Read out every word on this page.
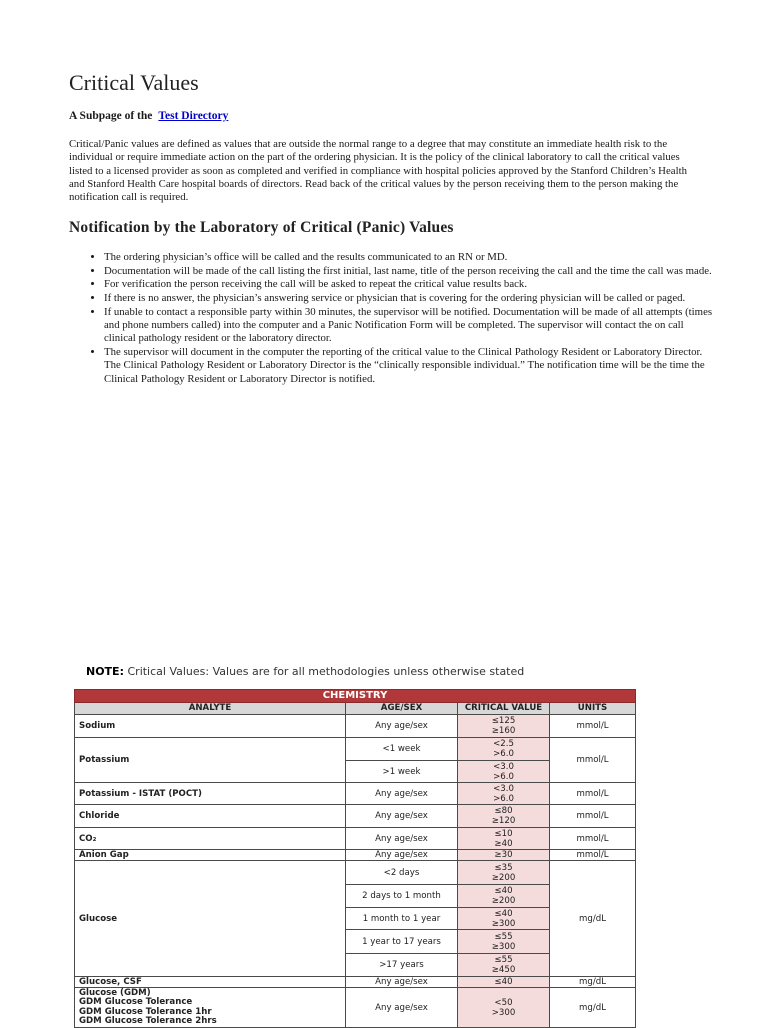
Critical Values
A Subpage of the Test Directory

Critical/Panic values are defined as values that are outside the normal range to a degree that may constitute an immediate health risk to the individual or require immediate action on the part of the ordering physician. It is the policy of the clinical laboratory to call the critical values listed to a licensed provider as soon as completed and verified in compliance with hospital policies approved by the Stanford Children’s Health and Stanford Health Care hospital boards of directors. Read back of the critical values by the person receiving them to the person making the notification call is required.

Notification by the Laboratory of Critical (Panic) Values
• The ordering physician’s office will be called and the results communicated to an RN or MD.
• Documentation will be made of the call listing the first initial, last name, title of the person receiving the call and the time the call was made.
• For verification the person receiving the call will be asked to repeat the critical value results back.
• If there is no answer, the physician’s answering service or physician that is covering for the ordering physician will be called or paged.
• If unable to contact a responsible party within 30 minutes, the supervisor will be notified. Documentation will be made of all attempts (times and phone numbers called) into the computer and a Panic Notification Form will be completed. The supervisor will contact the on call clinical pathology resident or the laboratory director.
• The supervisor will document in the computer the reporting of the critical value to the Clinical Pathology Resident or Laboratory Director. The Clinical Pathology Resident or Laboratory Director is the “clinically responsible individual.” The notification time will be the time the Clinical Pathology Resident or Laboratory Director is notified.
NOTE: Critical Values: Values are for all methodologies unless otherwise stated
CHEMISTRY			
ANALYTE	AGE/SEX	CRITICAL VALUE	UNITS
Sodium	Any age/sex	≤125
≥160	mmol/L
Potassium	<1 week	<2.5
>6.0	mmol/L
	>1 week	<3.0
>6.0	

Potassium - ISTAT (POCT)	Any age/sex	<3.0
>6.0	mmol/L
Chloride	Any age/sex	≤80
≥120	mmol/L
CO₂	Any age/sex	≤10
≥40	mmol/L
Anion Gap	Any age/sex	≥30	mmol/L
Glucose	<2 days	≤35
≥200	mg/dL
	2 days to 1 month	≤40
≥200	

	1 month to 1 year	≤40
≥300	

	1 year to 17 years	≤55
≥300	

	>17 years	≤55
≥450	

Glucose, CSF	Any age/sex	≤40	mg/dL
Glucose (GDM)
GDM Glucose Tolerance
GDM Glucose Tolerance 1hr
GDM Glucose Tolerance 2hrs	Any age/sex	<50
>300	mg/dL
